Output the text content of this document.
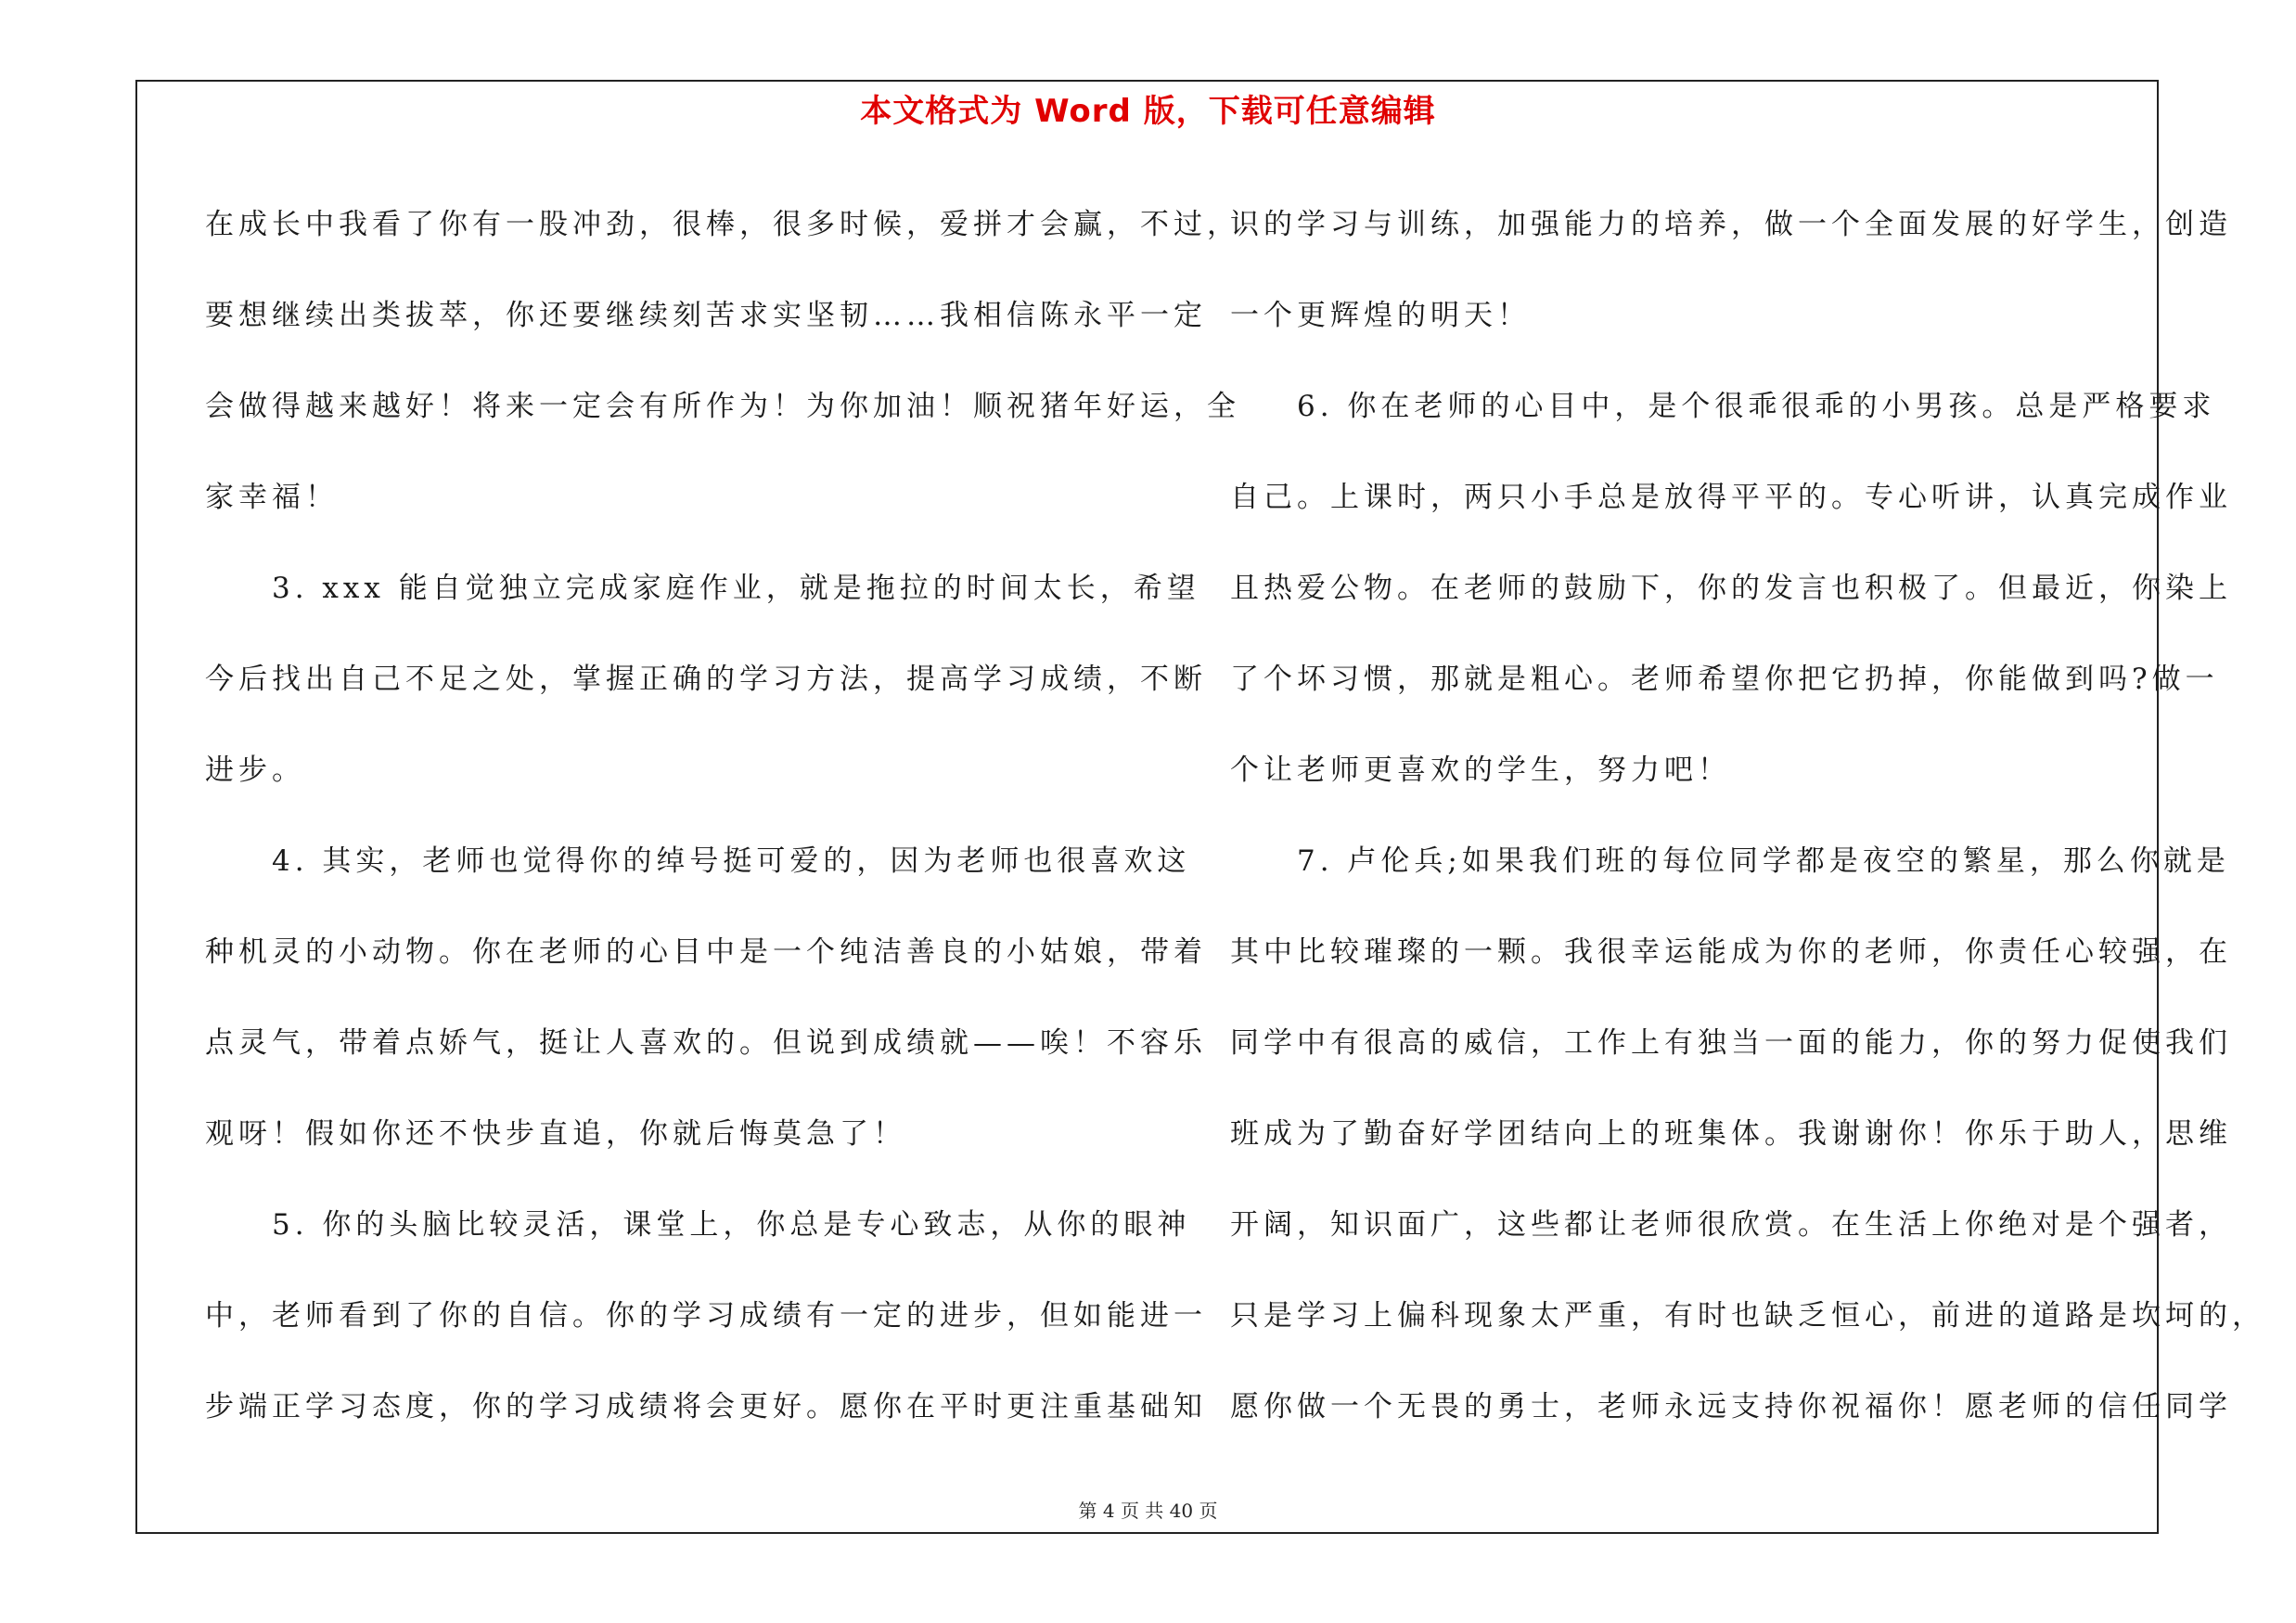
本文格式为 Word 版，下载可任意编辑
在成长中我看了你有一股冲劲，很棒，很多时候，爱拼才会赢，不过，
要想继续出类拔萃，你还要继续刻苦求实坚韧……我相信陈永平一定
会做得越来越好！将来一定会有所作为！为你加油！顺祝猪年好运，全
家幸福！
　　3. xxx 能自觉独立完成家庭作业，就是拖拉的时间太长，希望
今后找出自己不足之处，掌握正确的学习方法，提高学习成绩，不断
进步。
　　4. 其实，老师也觉得你的绰号挺可爱的，因为老师也很喜欢这
种机灵的小动物。你在老师的心目中是一个纯洁善良的小姑娘，带着
点灵气，带着点娇气，挺让人喜欢的。但说到成绩就——唉！不容乐
观呀！假如你还不快步直追，你就后悔莫急了！
　　5. 你的头脑比较灵活，课堂上，你总是专心致志，从你的眼神
中，老师看到了你的自信。你的学习成绩有一定的进步，但如能进一
步端正学习态度，你的学习成绩将会更好。愿你在平时更注重基础知
识的学习与训练，加强能力的培养，做一个全面发展的好学生，创造
一个更辉煌的明天！
　　6. 你在老师的心目中，是个很乖很乖的小男孩。总是严格要求
自己。上课时，两只小手总是放得平平的。专心听讲，认真完成作业
且热爱公物。在老师的鼓励下，你的发言也积极了。但最近，你染上
了个坏习惯，那就是粗心。老师希望你把它扔掉，你能做到吗?做一
个让老师更喜欢的学生，努力吧！
　　7. 卢伦兵;如果我们班的每位同学都是夜空的繁星，那么你就是
其中比较璀璨的一颗。我很幸运能成为你的老师，你责任心较强，在
同学中有很高的威信，工作上有独当一面的能力，你的努力促使我们
班成为了勤奋好学团结向上的班集体。我谢谢你！你乐于助人，思维
开阔，知识面广，这些都让老师很欣赏。在生活上你绝对是个强者，
只是学习上偏科现象太严重，有时也缺乏恒心，前进的道路是坎坷的，
愿你做一个无畏的勇士，老师永远支持你祝福你！愿老师的信任同学
第 4 页 共 40 页
